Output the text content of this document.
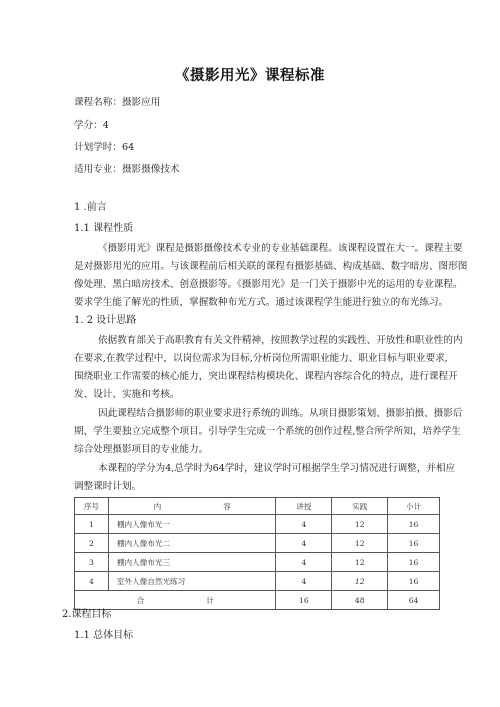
《摄影用光》课程标准
课程名称：摄影应用
学分：4
计划学时：64
适用专业：摄影摄像技术
1 .前言
1.1 课程性质
《摄影用光》课程是摄影摄像技术专业的专业基础课程。该课程设置在大一。课程主要
是对摄影用光的应用。与该课程前后相关联的课程有摄影基础、构成基础、数字暗房、图形图
像处理、黑白暗房技术、创意摄影等。《摄影用光》是一门关于摄影中光的运用的专业课程。
要求学生能了解光的性质，掌握数种布光方式。通过该课程学生能进行独立的布光练习。
1. 2 设计思路
依据教育部关于高职教育有关文件精神，按照教学过程的实践性、开放性和职业性的内
在要求,在教学过程中，以岗位需求为目标,分析岗位所需职业能力、职业目标与职业要求,
围绕职业工作需要的核心能力，突出课程结构模块化、课程内容综合化的特点，进行课程开
发、设计、实施和考核。
因此课程结合摄影师的职业要求进行系统的训练。从项目摄影策划、摄影拍摄、摄影后
期，学生要独立完成整个项目。引导学生完成一个系统的创作过程,整合所学所知，培养学生
综合处理摄影项目的专业能力。
本课程的学分为4,总学时为64学时，建议学时可根据学生学习情况进行调整，并相应
调整课时计划。
序号	内 容	讲授	实践	小计
1	棚内人像布光一	4	12	16
2	棚内人像布光二	4	12	16
3	棚内人像布光三	4	12	16
4	室外人像自然光练习	4	12	16
合 计		16	48	64
2.课程目标
1.1 总体目标
